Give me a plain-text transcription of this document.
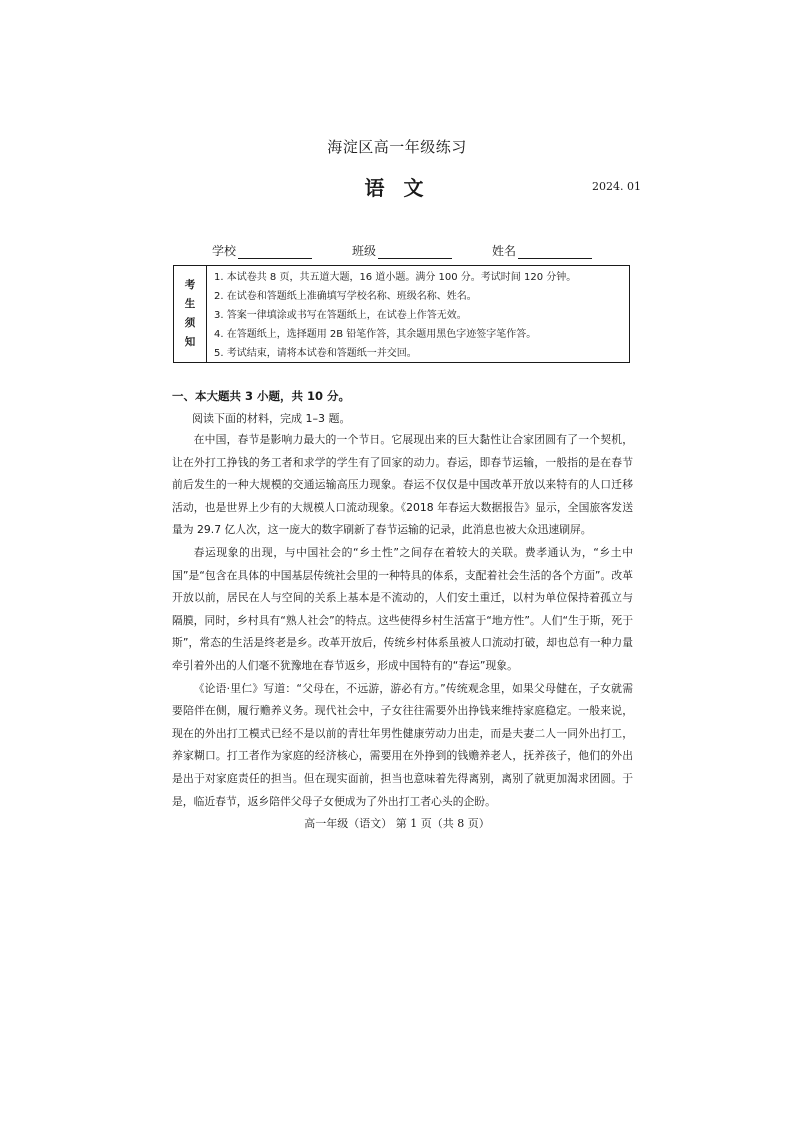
海淀区高一年级练习
语 文	2024. 01
学校	班级	姓名
考
生
须
知
1. 本试卷共 8 页，共五道大题，16 道小题。满分 100 分。考试时间 120 分钟。
2. 在试卷和答题纸上准确填写学校名称、班级名称、姓名。
3. 答案一律填涂或书写在答题纸上，在试卷上作答无效。
4. 在答题纸上，选择题用 2B 铅笔作答，其余题用黑色字迹签字笔作答。
5. 考试结束，请将本试卷和答题纸一并交回。
一、本大题共 3 小题，共 10 分。
阅读下面的材料，完成 1–3 题。

在中国，春节是影响力最大的一个节日。它展现出来的巨大黏性让合家团圆有了一个契机，让在外打工挣钱的务工者和求学的学生有了回家的动力。春运，即春节运输，一般指的是在春节前后发生的一种大规模的交通运输高压力现象。春运不仅仅是中国改革开放以来特有的人口迁移活动，也是世界上少有的大规模人口流动现象。《2018 年春运大数据报告》显示，全国旅客发送量为 29.7 亿人次，这一庞大的数字刷新了春节运输的记录，此消息也被大众迅速刷屏。

春运现象的出现，与中国社会的“乡土性”之间存在着较大的关联。费孝通认为，“乡土中国”是“包含在具体的中国基层传统社会里的一种特具的体系，支配着社会生活的各个方面”。改革开放以前，居民在人与空间的关系上基本是不流动的，人们安土重迁，以村为单位保持着孤立与隔膜，同时，乡村具有“熟人社会”的特点。这些使得乡村生活富于“地方性”。人们“生于斯，死于斯”，常态的生活是终老是乡。改革开放后，传统乡村体系虽被人口流动打破，却也总有一种力量牵引着外出的人们毫不犹豫地在春节返乡，形成中国特有的“春运”现象。

《论语·里仁》写道：“父母在，不远游，游必有方。”传统观念里，如果父母健在，子女就需要陪伴在侧，履行赡养义务。现代社会中，子女往往需要外出挣钱来维持家庭稳定。一般来说，现在的外出打工模式已经不是以前的青壮年男性健康劳动力出走，而是夫妻二人一同外出打工，养家糊口。打工者作为家庭的经济核心，需要用在外挣到的钱赡养老人，抚养孩子，他们的外出是出于对家庭责任的担当。但在现实面前，担当也意味着先得离别，离别了就更加渴求团圆。于是，临近春节，返乡陪伴父母子女便成为了外出打工者心头的企盼。

高一年级（语文） 第 1 页（共 8 页）
